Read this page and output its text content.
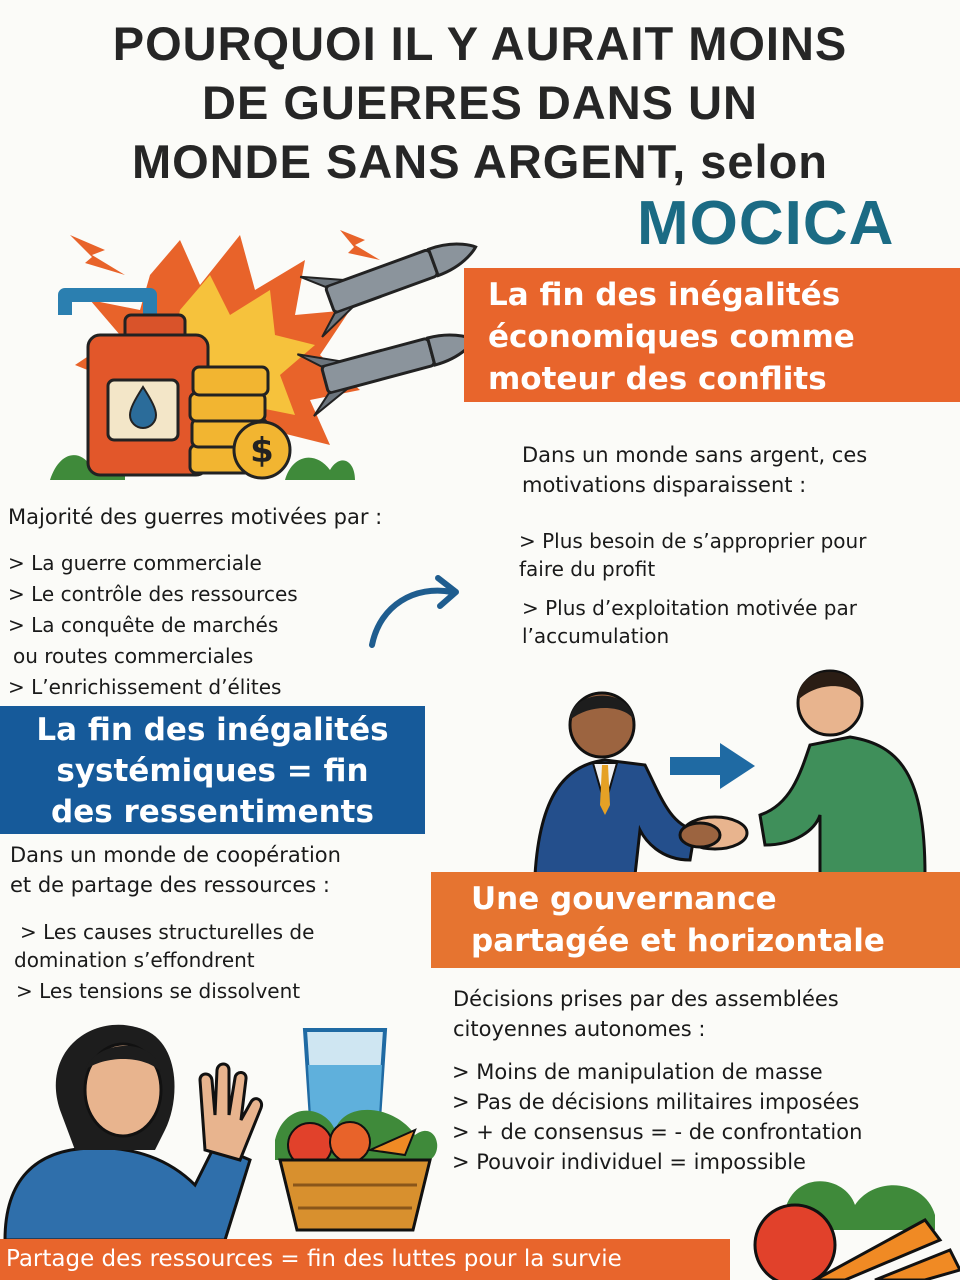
POURQUOI IL Y AURAIT MOINS
DE GUERRES DANS UN
MONDE SANS ARGENT, selon
MOCICA
$
La fin des inégalités
économiques comme
moteur des conflits
Dans un monde sans argent, ces
motivations disparaissent :
> Plus besoin de s’approprier pour
faire du profit
> Plus d’exploitation motivée par
l’accumulation
Majorité des guerres motivées par :
> La guerre commerciale
> Le contrôle des ressources
> La conquête de marchés
ou routes commerciales
> L’enrichissement d’élites
La fin des inégalités
systémiques = fin
des ressentiments
Dans un monde de coopération
et de partage des ressources :
> Les causes structurelles de
domination s’effondrent
> Les tensions se dissolvent
Une gouvernance
partagée et horizontale
Décisions prises par des assemblées
citoyennes autonomes :
> Moins de manipulation de masse
> Pas de décisions militaires imposées
> + de consensus = - de confrontation
> Pouvoir individuel = impossible
Partage des ressources = fin des luttes pour la survie
